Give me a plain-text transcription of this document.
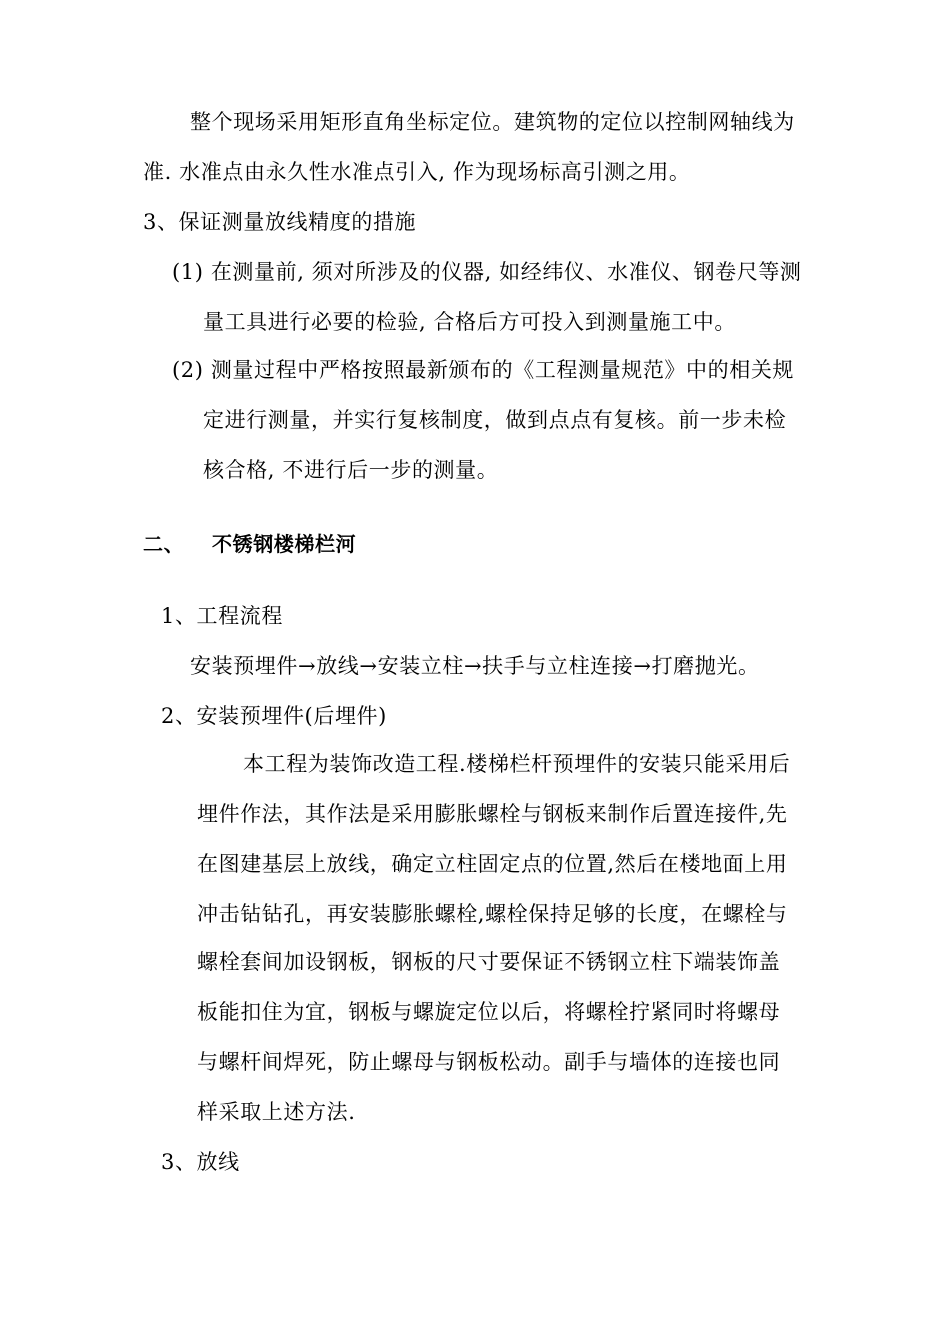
整个现场采用矩形直角坐标定位。建筑物的定位以控制网轴线为
准. 水准点由永久性水准点引入, 作为现场标高引测之用。
3、保证测量放线精度的措施
(1) 在测量前, 须对所涉及的仪器, 如经纬仪、水准仪、钢卷尺等测
量工具进行必要的检验, 合格后方可投入到测量施工中。
(2) 测量过程中严格按照最新颁布的《工程测量规范》中的相关规
定进行测量，并实行复核制度，做到点点有复核。前一步未检
核合格, 不进行后一步的测量。
二、 不锈钢楼梯栏河
1、工程流程
安装预埋件→放线→安装立柱→扶手与立柱连接→打磨抛光。
2、安装预埋件(后埋件)
本工程为装饰改造工程.楼梯栏杆预埋件的安装只能采用后
埋件作法，其作法是采用膨胀螺栓与钢板来制作后置连接件,先
在图建基层上放线，确定立柱固定点的位置,然后在楼地面上用
冲击钻钻孔，再安装膨胀螺栓,螺栓保持足够的长度，在螺栓与
螺栓套间加设钢板，钢板的尺寸要保证不锈钢立柱下端装饰盖
板能扣住为宜，钢板与螺旋定位以后，将螺栓拧紧同时将螺母
与螺杆间焊死，防止螺母与钢板松动。副手与墙体的连接也同
样采取上述方法.
3、放线
